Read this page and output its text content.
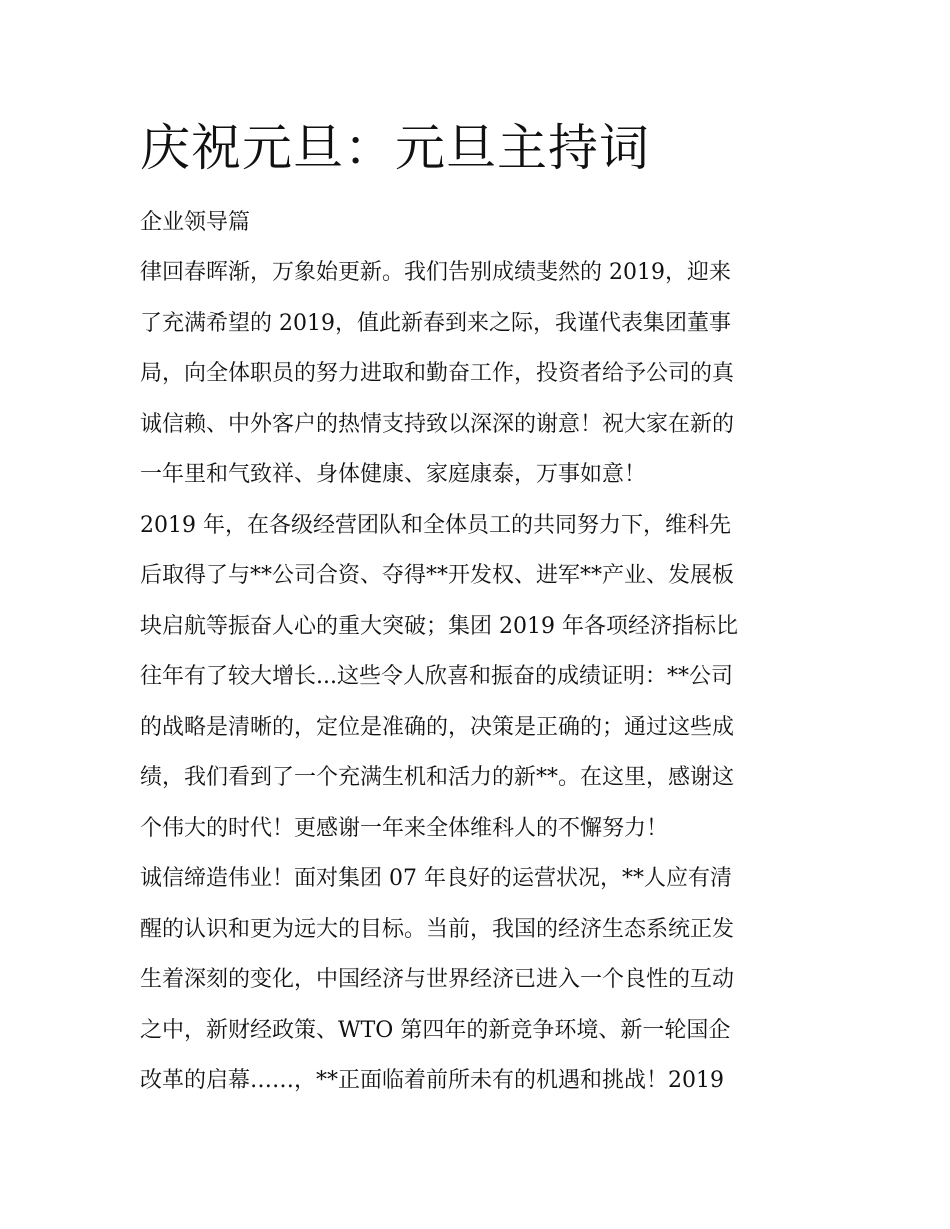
庆祝元旦：元旦主持词

企业领导篇

律回春晖渐，万象始更新。我们告别成绩斐然的 2019，迎来

了充满希望的 2019，值此新春到来之际，我谨代表集团董事

局，向全体职员的努力进取和勤奋工作，投资者给予公司的真

诚信赖、中外客户的热情支持致以深深的谢意！祝大家在新的

一年里和气致祥、身体健康、家庭康泰，万事如意！

2019 年，在各级经营团队和全体员工的共同努力下，维科先

后取得了与**公司合资、夺得**开发权、进军**产业、发展板

块启航等振奋人心的重大突破；集团 2019 年各项经济指标比

往年有了较大增长...这些令人欣喜和振奋的成绩证明：**公司

的战略是清晰的，定位是准确的，决策是正确的；通过这些成

绩，我们看到了一个充满生机和活力的新**。在这里，感谢这

个伟大的时代！更感谢一年来全体维科人的不懈努力！

诚信缔造伟业！面对集团 07 年良好的运营状况，**人应有清

醒的认识和更为远大的目标。当前，我国的经济生态系统正发

生着深刻的变化，中国经济与世界经济已进入一个良性的互动

之中，新财经政策、WTO 第四年的新竞争环境、新一轮国企

改革的启幕……，**正面临着前所未有的机遇和挑战！2019
